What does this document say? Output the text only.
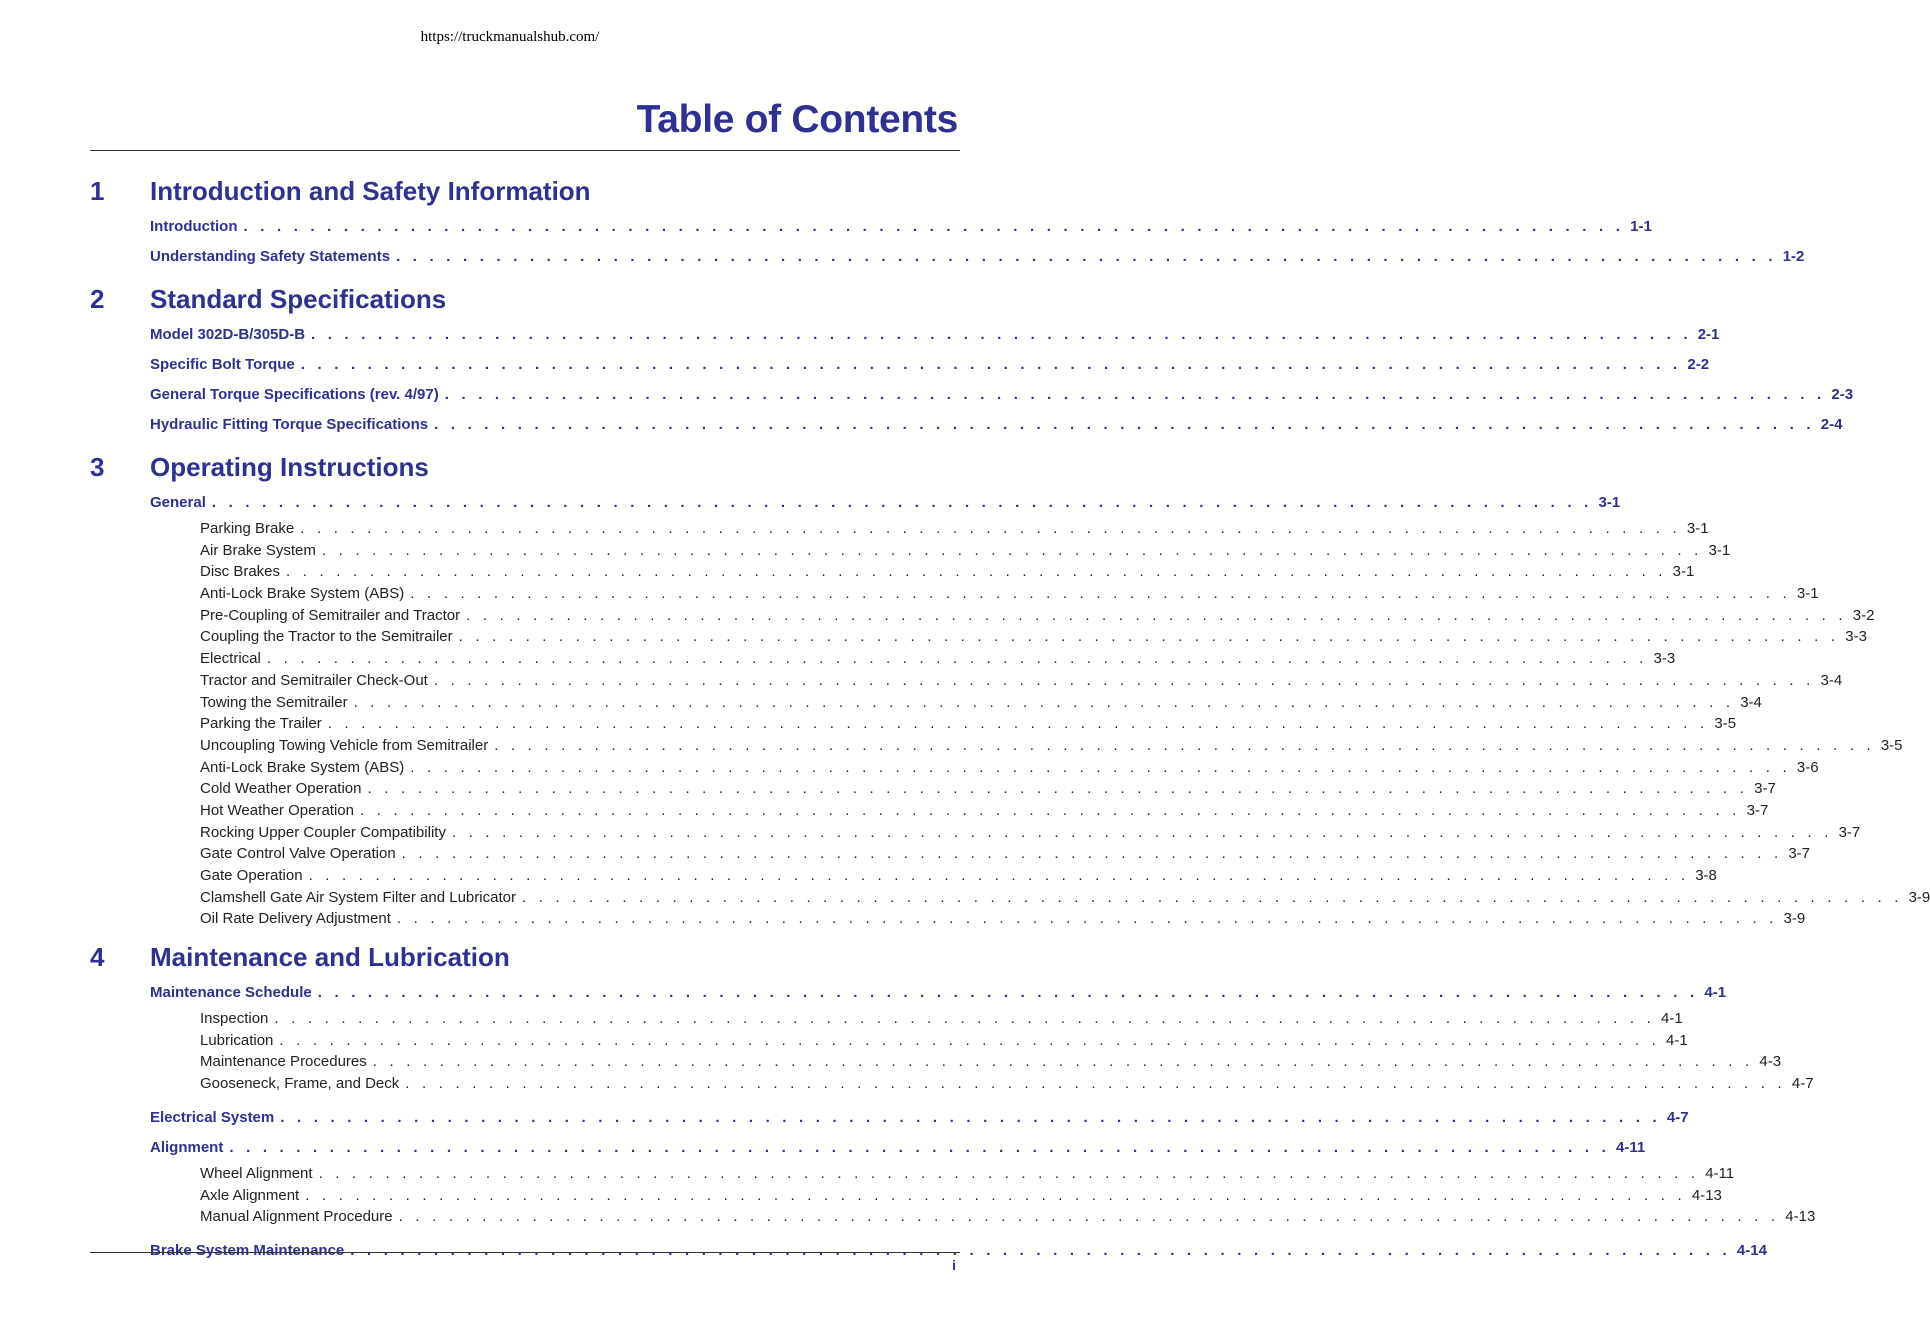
https://truckmanualshub.com/
Table of Contents
1 Introduction and Safety Information
Introduction . . . . . . . . . . . . . . . . . . . . . . . . . . . . . . . . . . . . . . . . . . . . . . . . . . . . . . . . . . . . . . . . . . . . . . . . . . . . . . . . . . . 1-1
Understanding Safety Statements . . . . . . . . . . . . . . . . . . . . . . . . . . . . . . . . . . . . . . . . . . . . . . . . . . . . . . . . . . . . . . . . . . . . . . . . . . . . . . . . . . . 1-2
2 Standard Specifications
Model 302D-B/305D-B . . . . . . . . . . . . . . . . . . . . . . . . . . . . . . . . . . . . . . . . . . . . . . . . . . . . . . . . . . . . . . . . . . . . . . . . . . . . . . . . . . . 2-1
Specific Bolt Torque . . . . . . . . . . . . . . . . . . . . . . . . . . . . . . . . . . . . . . . . . . . . . . . . . . . . . . . . . . . . . . . . . . . . . . . . . . . . . . . . . . . 2-2
General Torque Specifications (rev. 4/97) . . . . . . . . . . . . . . . . . . . . . . . . . . . . . . . . . . . . . . . . . . . . . . . . . . . . . . . . . . . . . . . . . . . . . . . . . . . . . . . . . . . 2-3
Hydraulic Fitting Torque Specifications . . . . . . . . . . . . . . . . . . . . . . . . . . . . . . . . . . . . . . . . . . . . . . . . . . . . . . . . . . . . . . . . . . . . . . . . . . . . . . . . . . . 2-4
3 Operating Instructions
General . . . . . . . . . . . . . . . . . . . . . . . . . . . . . . . . . . . . . . . . . . . . . . . . . . . . . . . . . . . . . . . . . . . . . . . . . . . . . . . . . . . 3-1
Parking Brake . . . . . . . . . . . . . . . . . . . . . . . . . . . . . . . . . . . . . . . . . . . . . . . . . . . . . . . . . . . . . . . . . . . . . . . . . . . . . . . . . . . 3-1
Air Brake System . . . . . . . . . . . . . . . . . . . . . . . . . . . . . . . . . . . . . . . . . . . . . . . . . . . . . . . . . . . . . . . . . . . . . . . . . . . . . . . . . . . 3-1
Disc Brakes . . . . . . . . . . . . . . . . . . . . . . . . . . . . . . . . . . . . . . . . . . . . . . . . . . . . . . . . . . . . . . . . . . . . . . . . . . . . . . . . . . . 3-1
Anti-Lock Brake System (ABS) . . . . . . . . . . . . . . . . . . . . . . . . . . . . . . . . . . . . . . . . . . . . . . . . . . . . . . . . . . . . . . . . . . . . . . . . . . . . . . . . . . . 3-1
Pre-Coupling of Semitrailer and Tractor . . . . . . . . . . . . . . . . . . . . . . . . . . . . . . . . . . . . . . . . . . . . . . . . . . . . . . . . . . . . . . . . . . . . . . . . . . . . . . . . . . . 3-2
Coupling the Tractor to the Semitrailer . . . . . . . . . . . . . . . . . . . . . . . . . . . . . . . . . . . . . . . . . . . . . . . . . . . . . . . . . . . . . . . . . . . . . . . . . . . . . . . . . . . 3-3
Electrical . . . . . . . . . . . . . . . . . . . . . . . . . . . . . . . . . . . . . . . . . . . . . . . . . . . . . . . . . . . . . . . . . . . . . . . . . . . . . . . . . . . 3-3
Tractor and Semitrailer Check-Out . . . . . . . . . . . . . . . . . . . . . . . . . . . . . . . . . . . . . . . . . . . . . . . . . . . . . . . . . . . . . . . . . . . . . . . . . . . . . . . . . . . 3-4
Towing the Semitrailer . . . . . . . . . . . . . . . . . . . . . . . . . . . . . . . . . . . . . . . . . . . . . . . . . . . . . . . . . . . . . . . . . . . . . . . . . . . . . . . . . . . 3-4
Parking the Trailer . . . . . . . . . . . . . . . . . . . . . . . . . . . . . . . . . . . . . . . . . . . . . . . . . . . . . . . . . . . . . . . . . . . . . . . . . . . . . . . . . . . 3-5
Uncoupling Towing Vehicle from Semitrailer . . . . . . . . . . . . . . . . . . . . . . . . . . . . . . . . . . . . . . . . . . . . . . . . . . . . . . . . . . . . . . . . . . . . . . . . . . . . . . . . . . . 3-5
Anti-Lock Brake System (ABS) . . . . . . . . . . . . . . . . . . . . . . . . . . . . . . . . . . . . . . . . . . . . . . . . . . . . . . . . . . . . . . . . . . . . . . . . . . . . . . . . . . . 3-6
Cold Weather Operation . . . . . . . . . . . . . . . . . . . . . . . . . . . . . . . . . . . . . . . . . . . . . . . . . . . . . . . . . . . . . . . . . . . . . . . . . . . . . . . . . . . 3-7
Hot Weather Operation . . . . . . . . . . . . . . . . . . . . . . . . . . . . . . . . . . . . . . . . . . . . . . . . . . . . . . . . . . . . . . . . . . . . . . . . . . . . . . . . . . . 3-7
Rocking Upper Coupler Compatibility . . . . . . . . . . . . . . . . . . . . . . . . . . . . . . . . . . . . . . . . . . . . . . . . . . . . . . . . . . . . . . . . . . . . . . . . . . . . . . . . . . . 3-7
Gate Control Valve Operation . . . . . . . . . . . . . . . . . . . . . . . . . . . . . . . . . . . . . . . . . . . . . . . . . . . . . . . . . . . . . . . . . . . . . . . . . . . . . . . . . . . 3-7
Gate Operation . . . . . . . . . . . . . . . . . . . . . . . . . . . . . . . . . . . . . . . . . . . . . . . . . . . . . . . . . . . . . . . . . . . . . . . . . . . . . . . . . . . 3-8
Clamshell Gate Air System Filter and Lubricator . . . . . . . . . . . . . . . . . . . . . . . . . . . . . . . . . . . . . . . . . . . . . . . . . . . . . . . . . . . . . . . . . . . . . . . . . . . . . . . . . . . 3-9
Oil Rate Delivery Adjustment . . . . . . . . . . . . . . . . . . . . . . . . . . . . . . . . . . . . . . . . . . . . . . . . . . . . . . . . . . . . . . . . . . . . . . . . . . . . . . . . . . . 3-9
4 Maintenance and Lubrication
Maintenance Schedule . . . . . . . . . . . . . . . . . . . . . . . . . . . . . . . . . . . . . . . . . . . . . . . . . . . . . . . . . . . . . . . . . . . . . . . . . . . . . . . . . . . 4-1
Inspection . . . . . . . . . . . . . . . . . . . . . . . . . . . . . . . . . . . . . . . . . . . . . . . . . . . . . . . . . . . . . . . . . . . . . . . . . . . . . . . . . . . 4-1
Lubrication . . . . . . . . . . . . . . . . . . . . . . . . . . . . . . . . . . . . . . . . . . . . . . . . . . . . . . . . . . . . . . . . . . . . . . . . . . . . . . . . . . . 4-1
Maintenance Procedures . . . . . . . . . . . . . . . . . . . . . . . . . . . . . . . . . . . . . . . . . . . . . . . . . . . . . . . . . . . . . . . . . . . . . . . . . . . . . . . . . . . 4-3
Gooseneck, Frame, and Deck . . . . . . . . . . . . . . . . . . . . . . . . . . . . . . . . . . . . . . . . . . . . . . . . . . . . . . . . . . . . . . . . . . . . . . . . . . . . . . . . . . . 4-7
Electrical System . . . . . . . . . . . . . . . . . . . . . . . . . . . . . . . . . . . . . . . . . . . . . . . . . . . . . . . . . . . . . . . . . . . . . . . . . . . . . . . . . . . 4-7
Alignment . . . . . . . . . . . . . . . . . . . . . . . . . . . . . . . . . . . . . . . . . . . . . . . . . . . . . . . . . . . . . . . . . . . . . . . . . . . . . . . . . . . 4-11
Wheel Alignment . . . . . . . . . . . . . . . . . . . . . . . . . . . . . . . . . . . . . . . . . . . . . . . . . . . . . . . . . . . . . . . . . . . . . . . . . . . . . . . . . . . 4-11
Axle Alignment . . . . . . . . . . . . . . . . . . . . . . . . . . . . . . . . . . . . . . . . . . . . . . . . . . . . . . . . . . . . . . . . . . . . . . . . . . . . . . . . . . . 4-13
Manual Alignment Procedure . . . . . . . . . . . . . . . . . . . . . . . . . . . . . . . . . . . . . . . . . . . . . . . . . . . . . . . . . . . . . . . . . . . . . . . . . . . . . . . . . . . 4-13
Brake System Maintenance . . . . . . . . . . . . . . . . . . . . . . . . . . . . . . . . . . . . . . . . . . . . . . . . . . . . . . . . . . . . . . . . . . . . . . . . . . . . . . . . . . . 4-14
i
